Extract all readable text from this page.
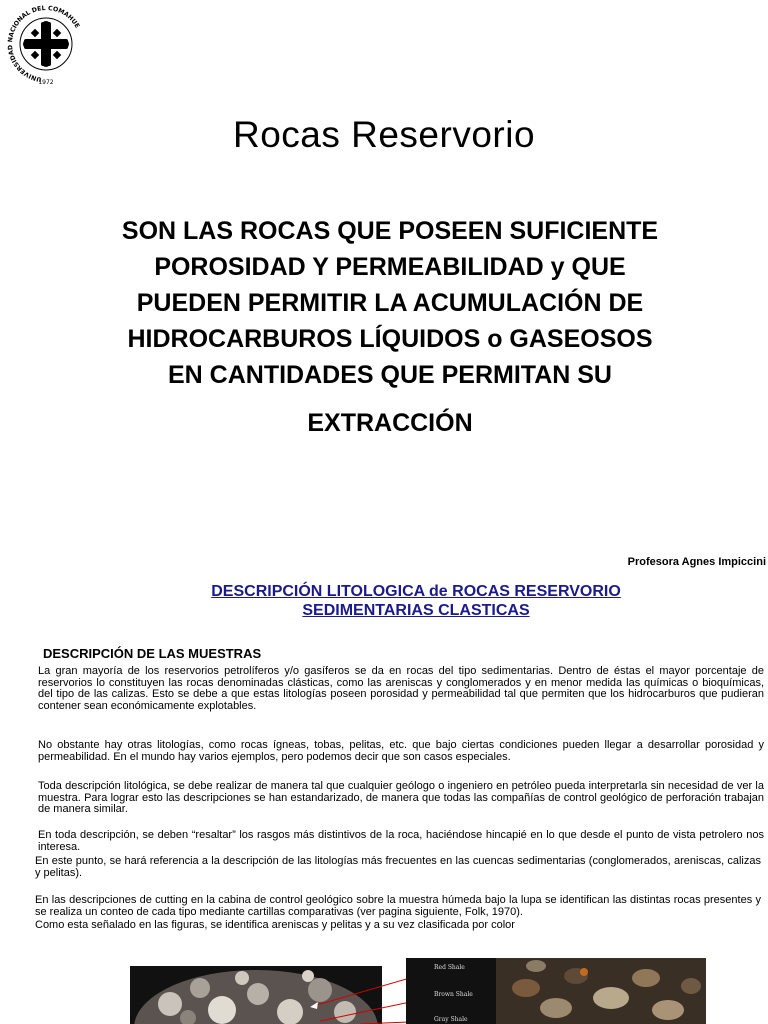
UNIVERSIDAD NACIONAL DEL COMAHUE
1972
Rocas Reservorio
SON LAS ROCAS QUE POSEEN SUFICIENTE
POROSIDAD Y PERMEABILIDAD y QUE
PUEDEN PERMITIR LA ACUMULACIÓN DE
HIDROCARBUROS LÍQUIDOS o GASEOSOS
EN CANTIDADES QUE PERMITAN SU
EXTRACCIÓN
Profesora Agnes Impiccini
DESCRIPCIÓN LITOLOGICA de ROCAS RESERVORIO
SEDIMENTARIAS CLASTICAS
DESCRIPCIÓN DE LAS MUESTRAS

La gran mayoría de los reservorios petrolíferos y/o gasíferos se da en rocas del tipo sedimentarias. Dentro de éstas el mayor porcentaje de reservorios lo constituyen las rocas denominadas clásticas, como las areniscas y conglomerados y en menor medida las químicas o bioquímicas, del tipo de las calizas. Esto se debe a que estas litologías poseen porosidad y permeabilidad tal que permiten que los hidrocarburos que pudieran contener sean económicamente explotables.

No obstante hay otras litologías, como rocas ígneas, tobas, pelitas, etc. que bajo ciertas condiciones pueden llegar a desarrollar porosidad y permeabilidad. En el mundo hay varios ejemplos, pero podemos decir que son casos especiales.

Toda descripción litológica, se debe realizar de manera tal que cualquier geólogo o ingeniero en petróleo pueda interpretarla sin necesidad de ver la muestra. Para lograr esto las descripciones se han estandarizado, de manera que todas las compañías de control geológico de perforación trabajan de manera similar.

En toda descripción, se deben “resaltar” los rasgos más distintivos de la roca, haciéndose hincapié en lo que desde el punto de vista petrolero nos interesa.

En este punto, se hará referencia a la descripción de las litologías más frecuentes en las cuencas sedimentarias (conglomerados, areniscas, calizas y pelitas).

En las descripciones de cutting en la cabina de control geológico sobre la muestra húmeda bajo la lupa se identifican las distintas rocas presentes y se realiza un conteo de cada tipo mediante cartillas comparativas (ver pagina siguiente, Folk, 1970).

Como esta señalado en las figuras, se identifica areniscas y pelitas y a su vez clasificada por color

Red Shale
Brown Shale
Gray Shale
